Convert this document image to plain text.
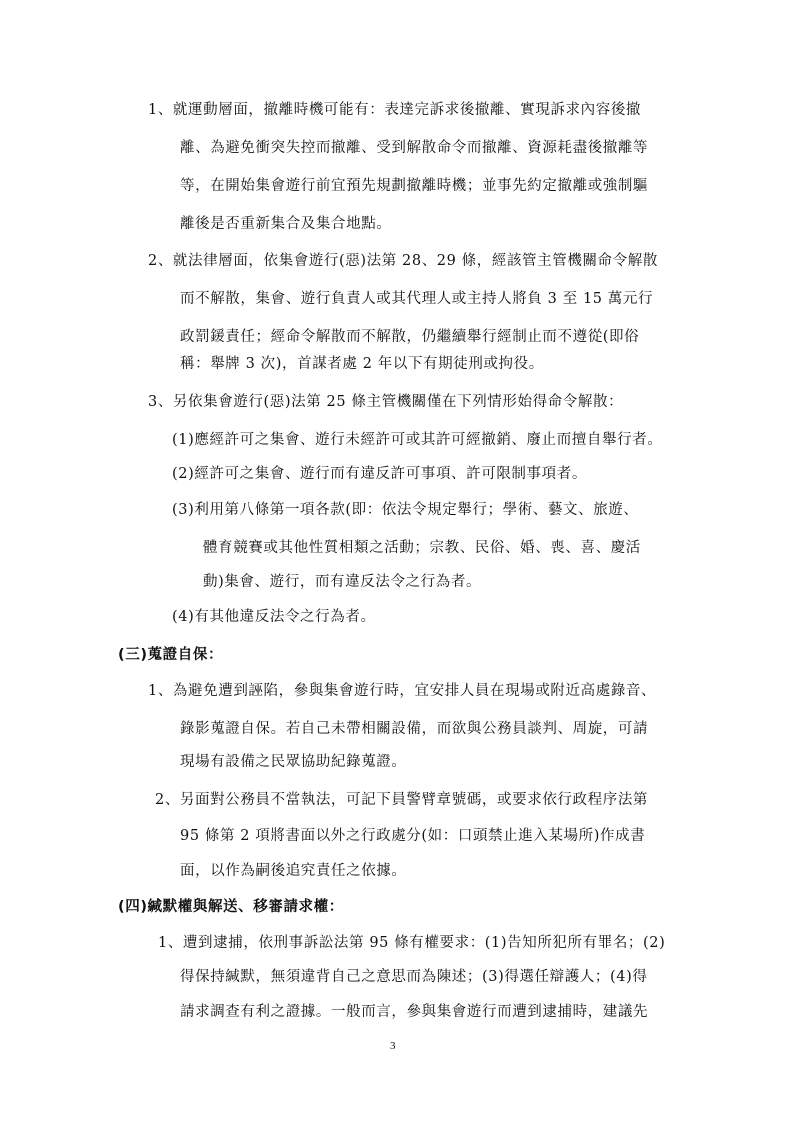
1、就運動層面，撤離時機可能有：表達完訴求後撤離、實現訴求內容後撤
離、為避免衝突失控而撤離、受到解散命令而撤離、資源耗盡後撤離等
等，在開始集會遊行前宜預先規劃撤離時機；並事先約定撤離或強制驅
離後是否重新集合及集合地點。
2、就法律層面，依集會遊行(惡)法第 28、29 條，經該管主管機關命令解散
而不解散，集會、遊行負責人或其代理人或主持人將負 3 至 15 萬元行
政罰鍰責任；經命令解散而不解散，仍繼續舉行經制止而不遵從(即俗
稱：舉牌 3 次)，首謀者處 2 年以下有期徒刑或拘役。
3、另依集會遊行(惡)法第 25 條主管機關僅在下列情形始得命令解散：
(1)應經許可之集會、遊行未經許可或其許可經撤銷、廢止而擅自舉行者。
(2)經許可之集會、遊行而有違反許可事項、許可限制事項者。
(3)利用第八條第一項各款(即：依法令規定舉行；學術、藝文、旅遊、
體育競賽或其他性質相類之活動；宗教、民俗、婚、喪、喜、慶活
動)集會、遊行，而有違反法令之行為者。
(4)有其他違反法令之行為者。
(三)蒐證自保：
1、為避免遭到誣陷，參與集會遊行時，宜安排人員在現場或附近高處錄音、
錄影蒐證自保。若自己未帶相關設備，而欲與公務員談判、周旋，可請
現場有設備之民眾協助紀錄蒐證。
2、另面對公務員不當執法，可記下員警臂章號碼，或要求依行政程序法第
95 條第 2 項將書面以外之行政處分(如：口頭禁止進入某場所)作成書
面，以作為嗣後追究責任之依據。
(四)緘默權與解送、移審請求權：
1、遭到逮捕，依刑事訴訟法第 95 條有權要求：(1)告知所犯所有罪名；(2)
得保持緘默，無須違背自己之意思而為陳述；(3)得選任辯護人；(4)得
請求調查有利之證據。一般而言，參與集會遊行而遭到逮捕時，建議先
3
